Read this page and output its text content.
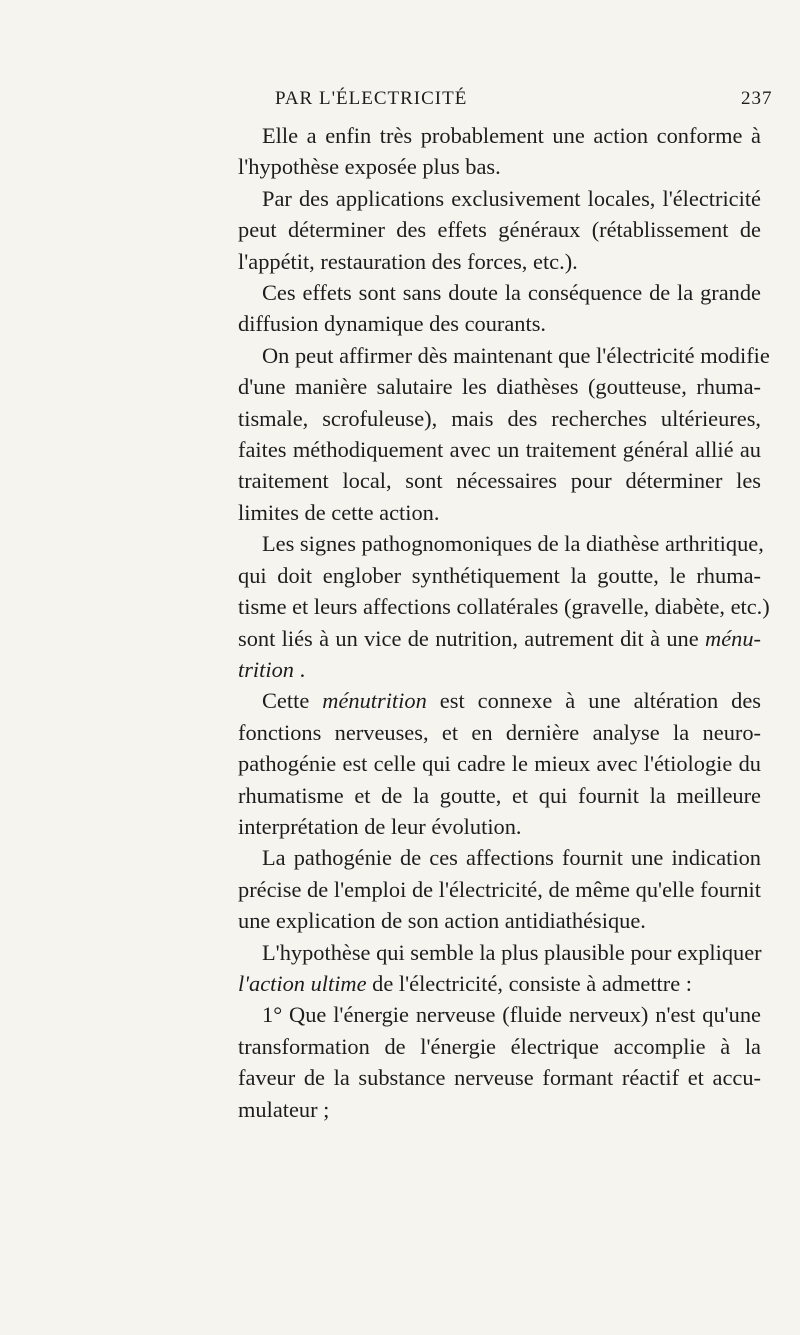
PAR L'ÉLECTRICITÉ	237
Elle a enfin très probablement une action conforme à
l'hypothèse exposée plus bas.
Par des applications exclusivement locales, l'électricité
peut déterminer des effets généraux (rétablissement de
l'appétit, restauration des forces, etc.).
Ces effets sont sans doute la conséquence de la grande
diffusion dynamique des courants.
On peut affirmer dès maintenant que l'électricité modifie
d'une manière salutaire les diathèses (goutteuse, rhuma-
tismale, scrofuleuse), mais des recherches ultérieures,
faites méthodiquement avec un traitement général allié au
traitement local, sont nécessaires pour déterminer les
limites de cette action.
Les signes pathognomoniques de la diathèse arthritique,
qui doit englober synthétiquement la goutte, le rhuma-
tisme et leurs affections collatérales (gravelle, diabète, etc.)
sont liés à un vice de nutrition, autrement dit à une ménu-
trition .
Cette ménutrition est connexe à une altération des
fonctions nerveuses, et en dernière analyse la neuro-
pathogénie est celle qui cadre le mieux avec l'étiologie du
rhumatisme et de la goutte, et qui fournit la meilleure
interprétation de leur évolution.
La pathogénie de ces affections fournit une indication
précise de l'emploi de l'électricité, de même qu'elle fournit
une explication de son action antidiathésique.
L'hypothèse qui semble la plus plausible pour expliquer
l'action ultime de l'électricité, consiste à admettre :
1° Que l'énergie nerveuse (fluide nerveux) n'est qu'une
transformation de l'énergie électrique accomplie à la
faveur de la substance nerveuse formant réactif et accu-
mulateur ;
